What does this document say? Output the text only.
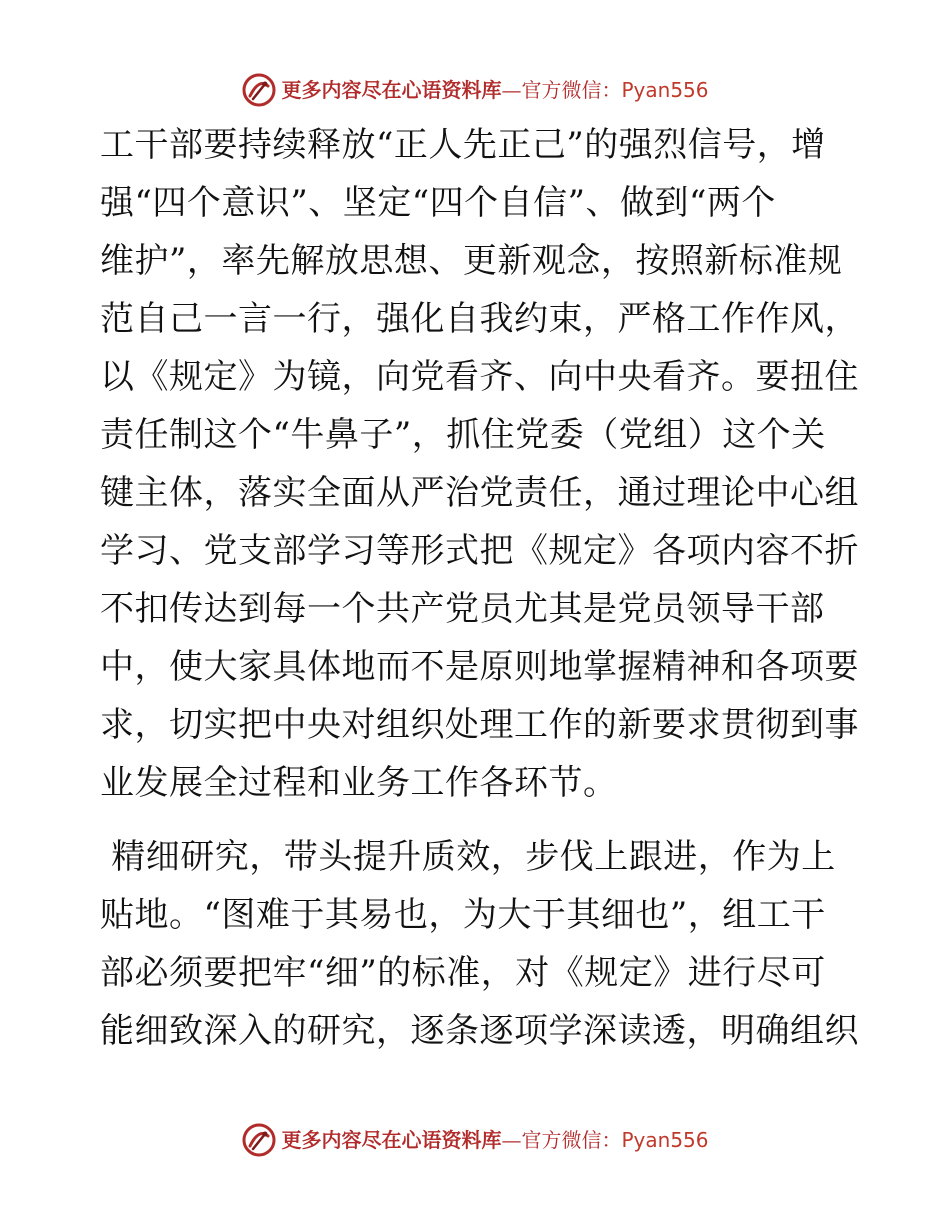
更多内容尽在心语资料库 — 官方微信： Pyan556
工干部要持续释放“正人先正己”的强烈信号，增
强“四个意识”、坚定“四个自信”、做到“两个
维护”，率先解放思想、更新观念，按照新标准规
范自己一言一行，强化自我约束，严格工作作风，
以《规定》为镜，向党看齐、向中央看齐。要扭住
责任制这个“牛鼻子”，抓住党委（党组）这个关
键主体，落实全面从严治党责任，通过理论中心组
学习、党支部学习等形式把《规定》各项内容不折
不扣传达到每一个共产党员尤其是党员领导干部
中，使大家具体地而不是原则地掌握精神和各项要
求，切实把中央对组织处理工作的新要求贯彻到事
业发展全过程和业务工作各环节。
精细研究，带头提升质效，步伐上跟进，作为上
贴地。“图难于其易也，为大于其细也”，组工干
部必须要把牢“细”的标准，对《规定》进行尽可
能细致深入的研究，逐条逐项学深读透，明确组织
更多内容尽在心语资料库 — 官方微信： Pyan556
